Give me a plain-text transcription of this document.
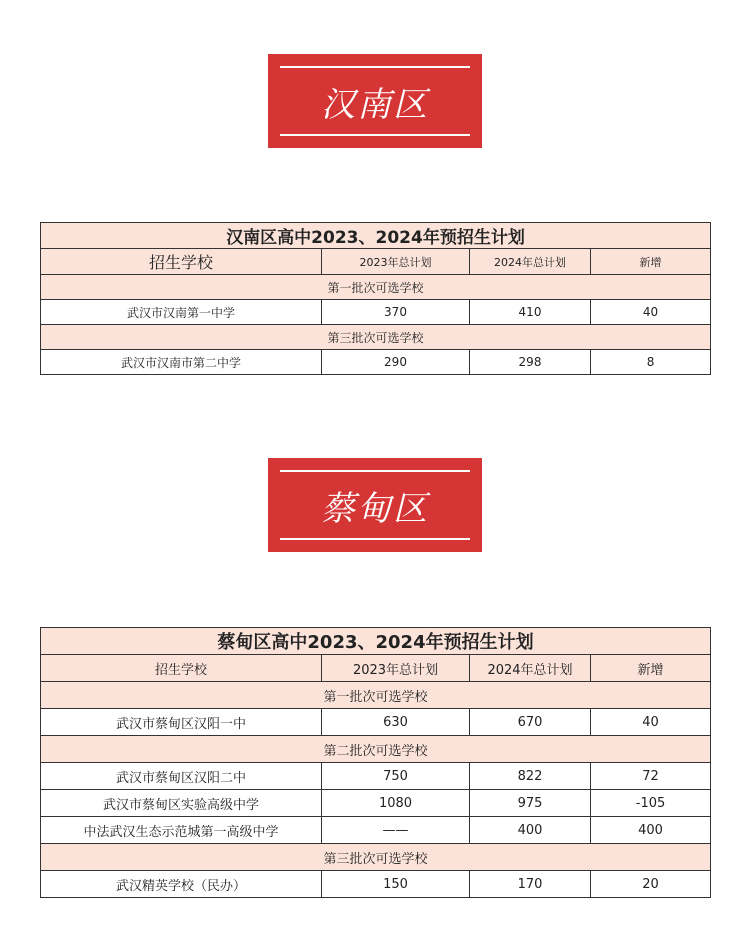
汉南区
汉南区高中2023、2024年预招生计划			
招生学校	2023年总计划	2024年总计划	新增
第一批次可选学校			
武汉市汉南第一中学	370	410	40
第三批次可选学校			
武汉市汉南市第二中学	290	298	8
蔡甸区
蔡甸区高中2023、2024年预招生计划			
招生学校	2023年总计划	2024年总计划	新增
第一批次可选学校			
武汉市蔡甸区汉阳一中	630	670	40
第二批次可选学校			
武汉市蔡甸区汉阳二中	750	822	72
武汉市蔡甸区实验高级中学	1080	975	-105
中法武汉生态示范城第一高级中学	——	400	400
第三批次可选学校			
武汉精英学校（民办）	150	170	20
